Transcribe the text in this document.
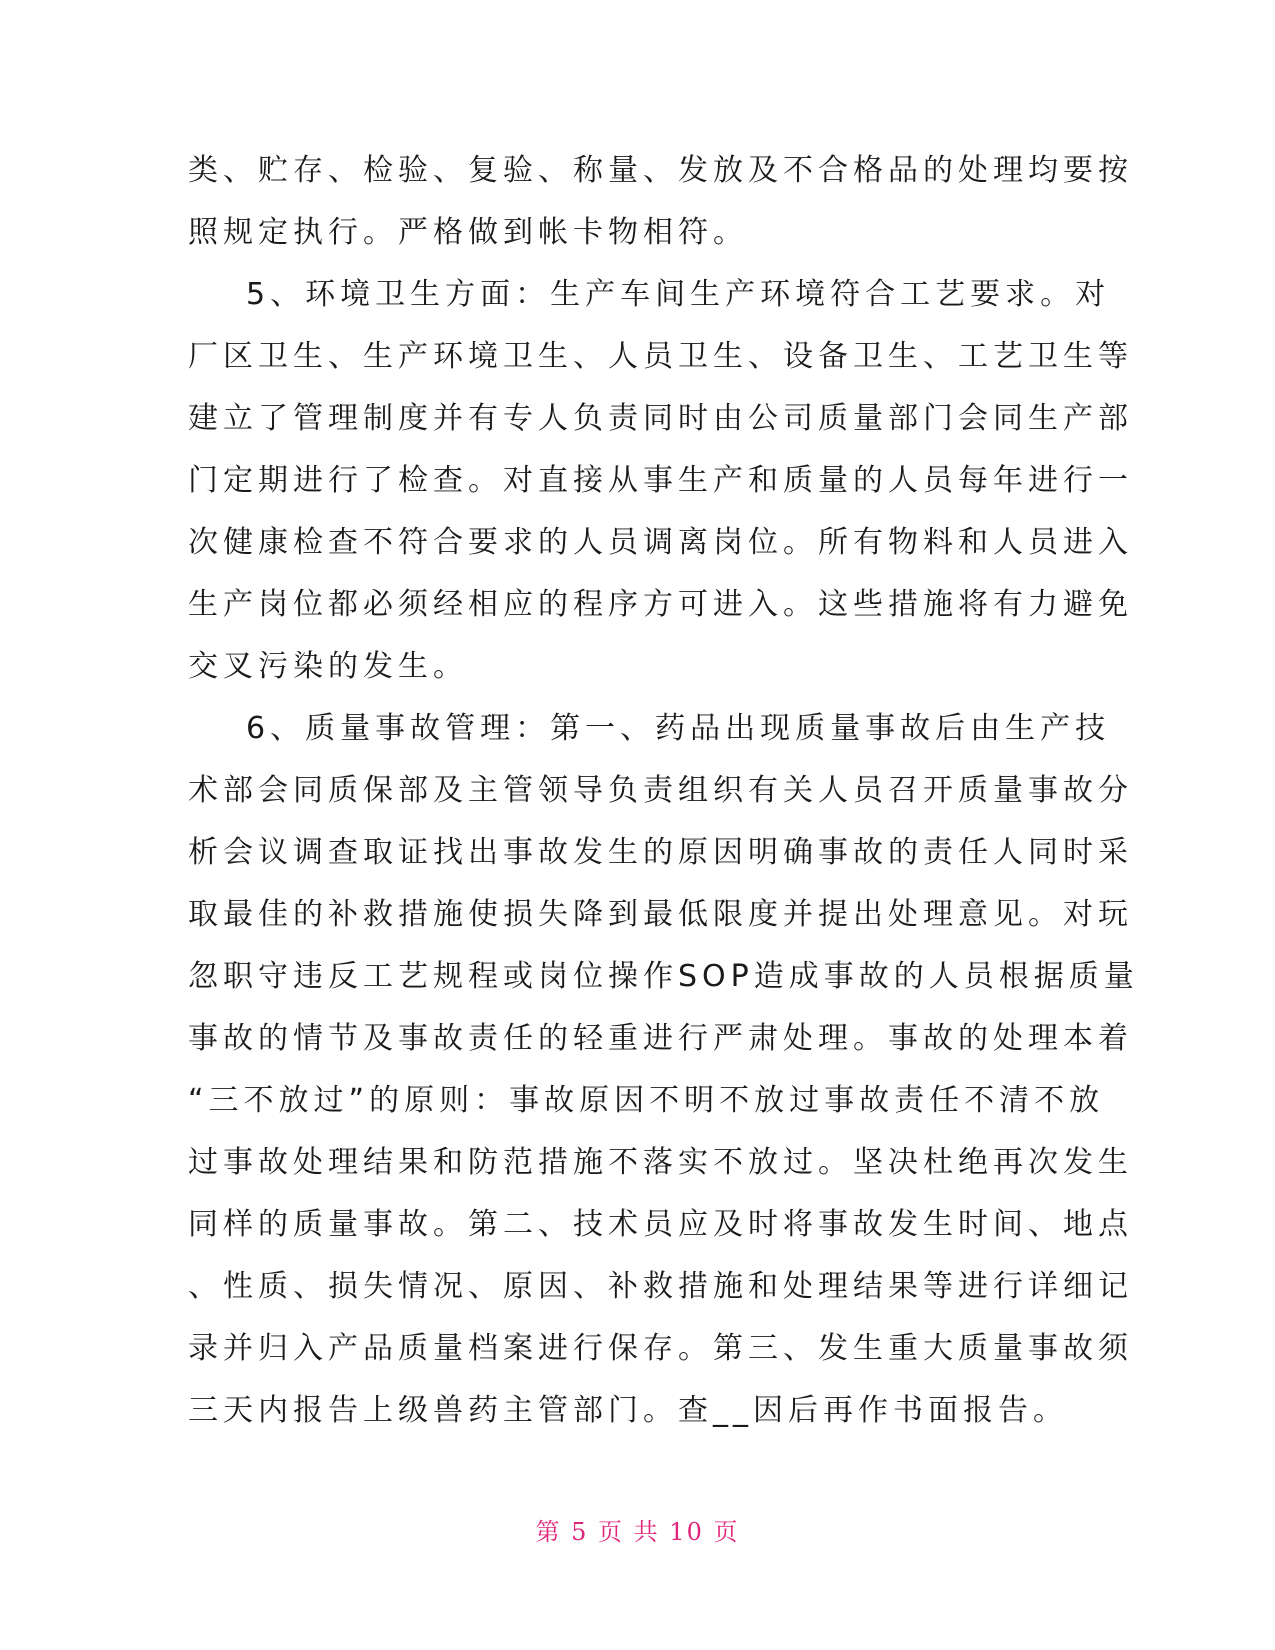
类、贮存、检验、复验、称量、发放及不合格品的处理均要按
照规定执行。严格做到帐卡物相符。
5、环境卫生方面：生产车间生产环境符合工艺要求。对
厂区卫生、生产环境卫生、人员卫生、设备卫生、工艺卫生等
建立了管理制度并有专人负责同时由公司质量部门会同生产部
门定期进行了检查。对直接从事生产和质量的人员每年进行一
次健康检查不符合要求的人员调离岗位。所有物料和人员进入
生产岗位都必须经相应的程序方可进入。这些措施将有力避免
交叉污染的发生。
6、质量事故管理：第一、药品出现质量事故后由生产技
术部会同质保部及主管领导负责组织有关人员召开质量事故分
析会议调查取证找出事故发生的原因明确事故的责任人同时采
取最佳的补救措施使损失降到最低限度并提出处理意见。对玩
忽职守违反工艺规程或岗位操作SOP造成事故的人员根据质量
事故的情节及事故责任的轻重进行严肃处理。事故的处理本着
“三不放过”的原则：事故原因不明不放过事故责任不清不放
过事故处理结果和防范措施不落实不放过。坚决杜绝再次发生
同样的质量事故。第二、技术员应及时将事故发生时间、地点
、性质、损失情况、原因、补救措施和处理结果等进行详细记
录并归入产品质量档案进行保存。第三、发生重大质量事故须
三天内报告上级兽药主管部门。查__因后再作书面报告。
第 5 页 共 10 页
